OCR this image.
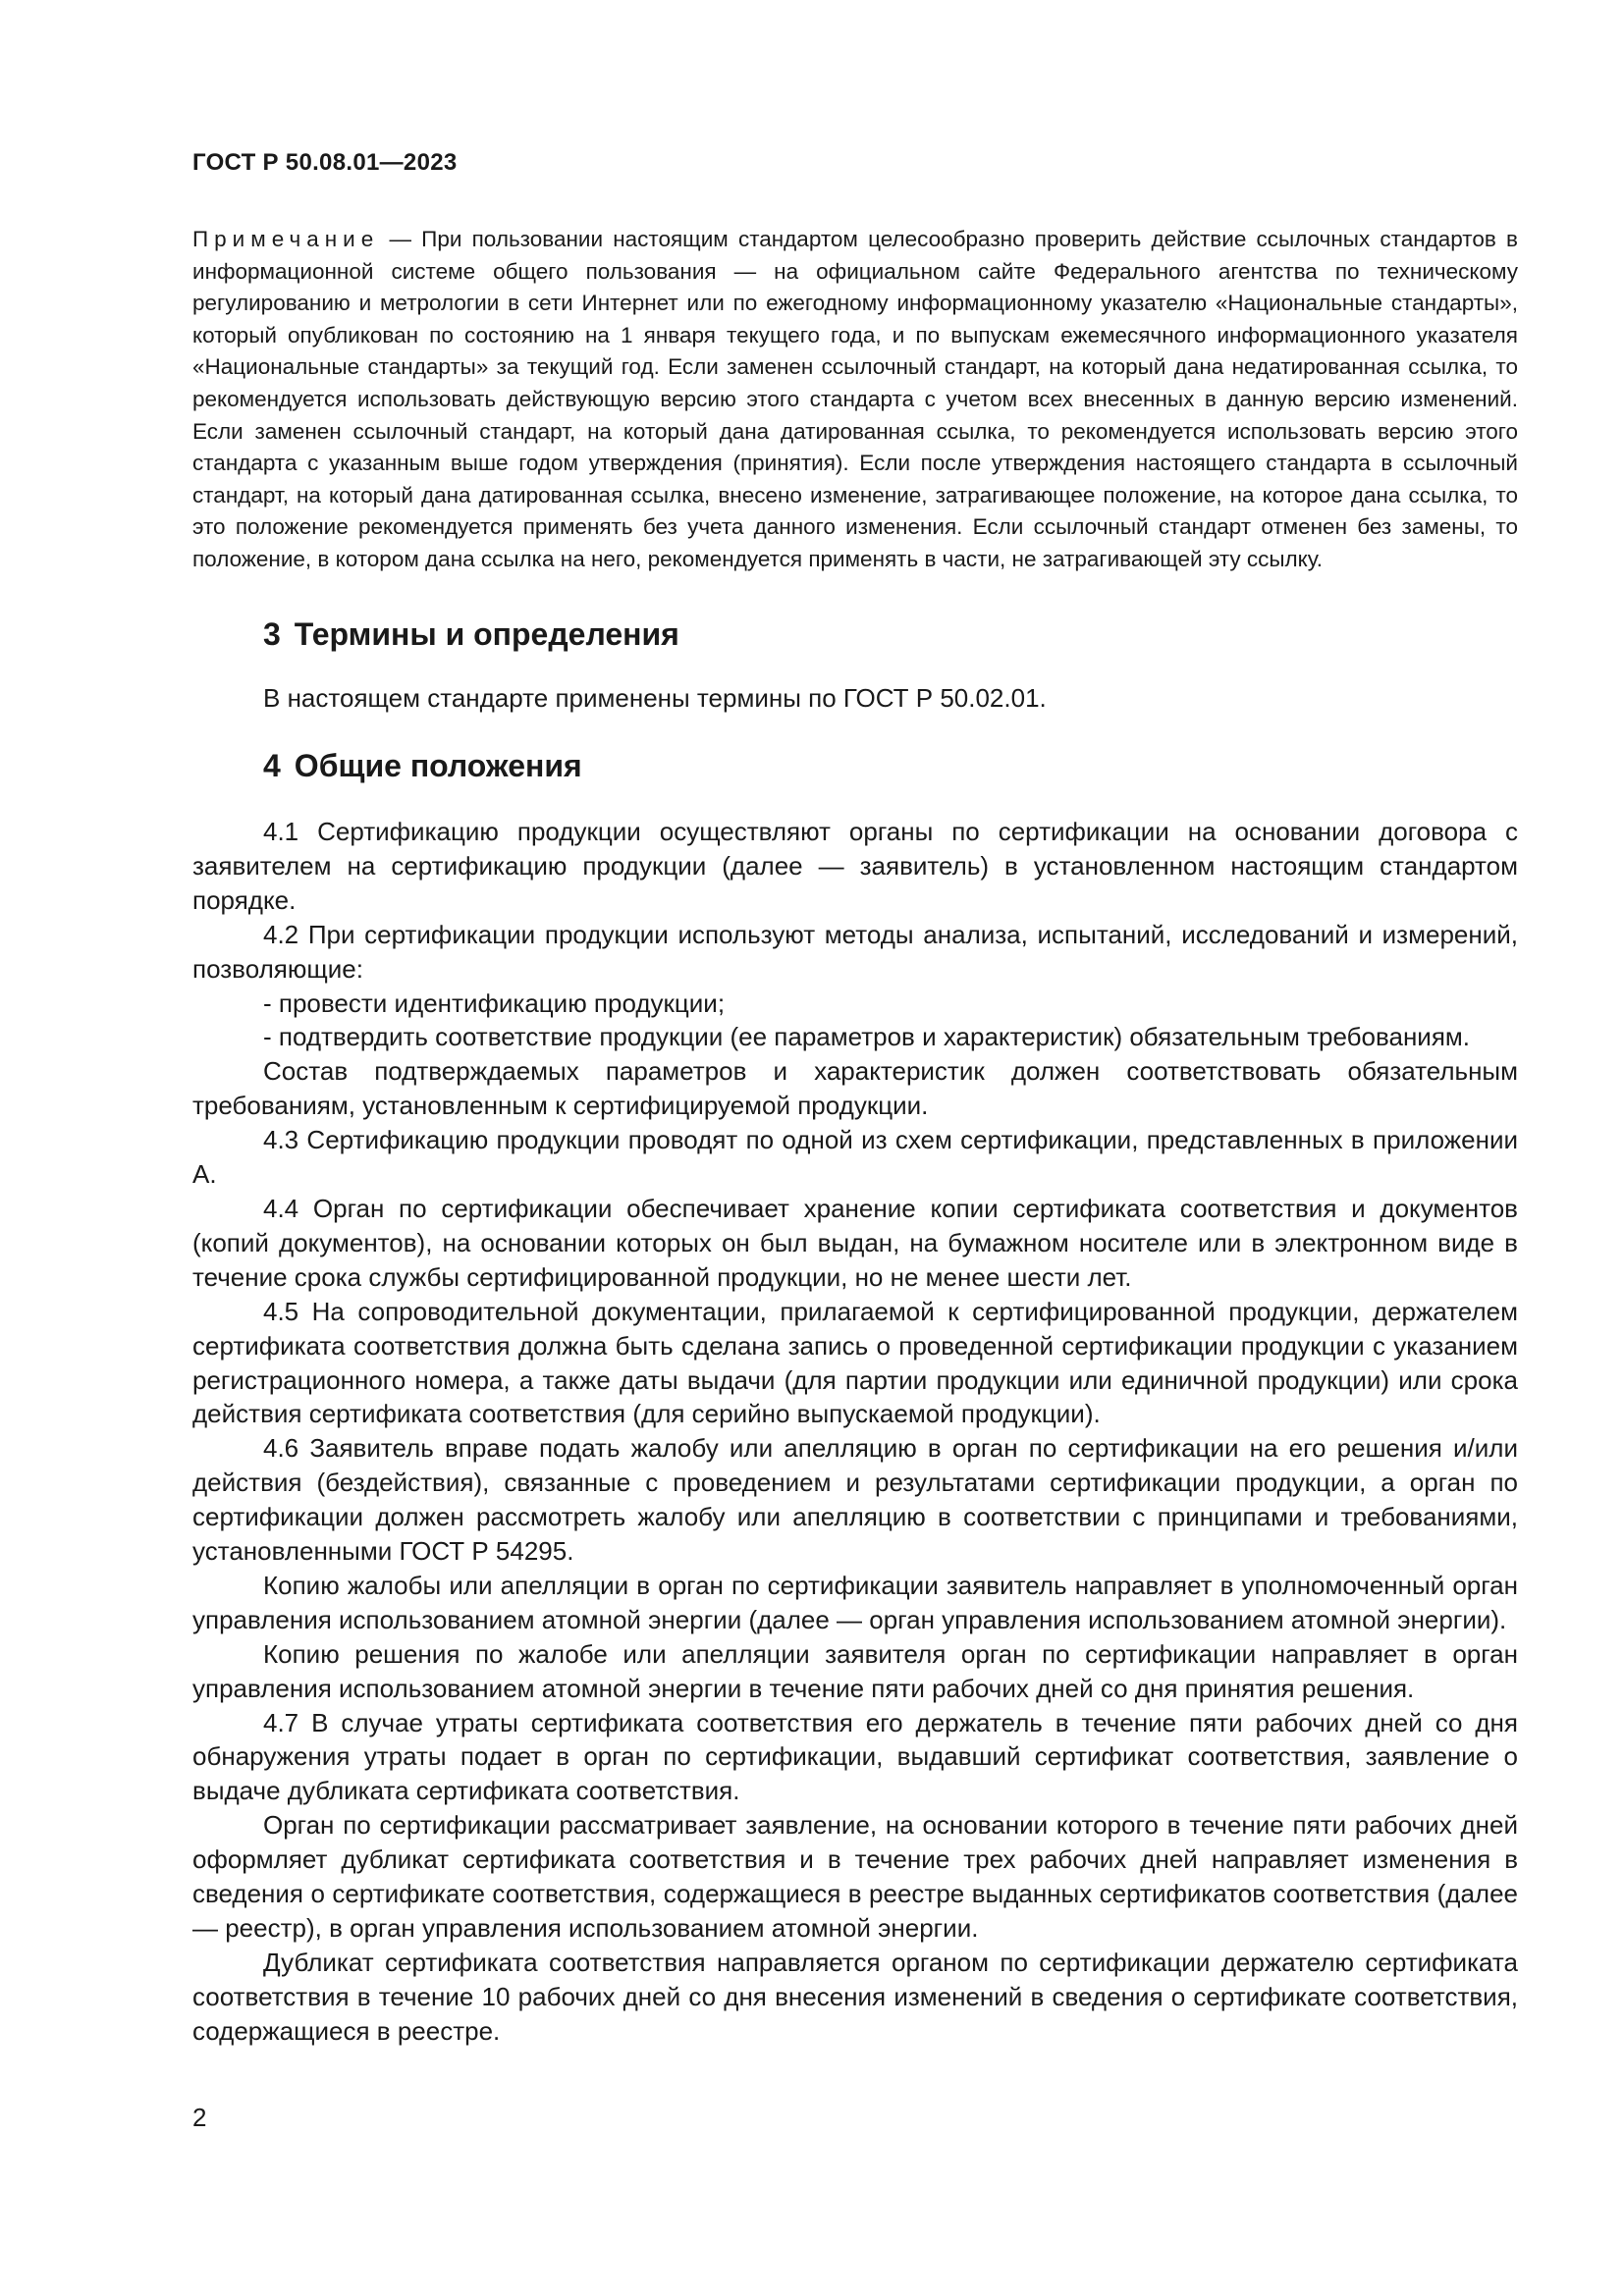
ГОСТ Р 50.08.01—2023
Примечание — При пользовании настоящим стандартом целесообразно проверить действие ссылочных стандартов в информационной системе общего пользования — на официальном сайте Федерального агентства по техническому регулированию и метрологии в сети Интернет или по ежегодному информационному указателю «Национальные стандарты», который опубликован по состоянию на 1 января текущего года, и по выпускам ежемесячного информационного указателя «Национальные стандарты» за текущий год. Если заменен ссылочный стандарт, на который дана недатированная ссылка, то рекомендуется использовать действующую версию этого стандарта с учетом всех внесенных в данную версию изменений. Если заменен ссылочный стандарт, на который дана датированная ссылка, то рекомендуется использовать версию этого стандарта с указанным выше годом утверждения (принятия). Если после утверждения настоящего стандарта в ссылочный стандарт, на который дана датированная ссылка, внесено изменение, затрагивающее положение, на которое дана ссылка, то это положение рекомендуется применять без учета данного изменения. Если ссылочный стандарт отменен без замены, то положение, в котором дана ссылка на него, рекомендуется применять в части, не затрагивающей эту ссылку.
3 Термины и определения
В настоящем стандарте применены термины по ГОСТ Р 50.02.01.
4 Общие положения

4.1 Сертификацию продукции осуществляют органы по сертификации на основании договора с заявителем на сертификацию продукции (далее — заявитель) в установленном настоящим стандартом порядке.

4.2 При сертификации продукции используют методы анализа, испытаний, исследований и измерений, позволяющие:

- провести идентификацию продукции;

- подтвердить соответствие продукции (ее параметров и характеристик) обязательным требованиям.

Состав подтверждаемых параметров и характеристик должен соответствовать обязательным требованиям, установленным к сертифицируемой продукции.

4.3 Сертификацию продукции проводят по одной из схем сертификации, представленных в приложении А.

4.4 Орган по сертификации обеспечивает хранение копии сертификата соответствия и документов (копий документов), на основании которых он был выдан, на бумажном носителе или в электронном виде в течение срока службы сертифицированной продукции, но не менее шести лет.

4.5 На сопроводительной документации, прилагаемой к сертифицированной продукции, держателем сертификата соответствия должна быть сделана запись о проведенной сертификации продукции с указанием регистрационного номера, а также даты выдачи (для партии продукции или единичной продукции) или срока действия сертификата соответствия (для серийно выпускаемой продукции).

4.6 Заявитель вправе подать жалобу или апелляцию в орган по сертификации на его решения и/или действия (бездействия), связанные с проведением и результатами сертификации продукции, а орган по сертификации должен рассмотреть жалобу или апелляцию в соответствии с принципами и требованиями, установленными ГОСТ Р 54295.

Копию жалобы или апелляции в орган по сертификации заявитель направляет в уполномоченный орган управления использованием атомной энергии (далее — орган управления использованием атомной энергии).

Копию решения по жалобе или апелляции заявителя орган по сертификации направляет в орган управления использованием атомной энергии в течение пяти рабочих дней со дня принятия решения.

4.7 В случае утраты сертификата соответствия его держатель в течение пяти рабочих дней со дня обнаружения утраты подает в орган по сертификации, выдавший сертификат соответствия, заявление о выдаче дубликата сертификата соответствия.

Орган по сертификации рассматривает заявление, на основании которого в течение пяти рабочих дней оформляет дубликат сертификата соответствия и в течение трех рабочих дней направляет изменения в сведения о сертификате соответствия, содержащиеся в реестре выданных сертификатов соответствия (далее — реестр), в орган управления использованием атомной энергии.

Дубликат сертификата соответствия направляется органом по сертификации держателю сертификата соответствия в течение 10 рабочих дней со дня внесения изменений в сведения о сертификате соответствия, содержащиеся в реестре.

2
